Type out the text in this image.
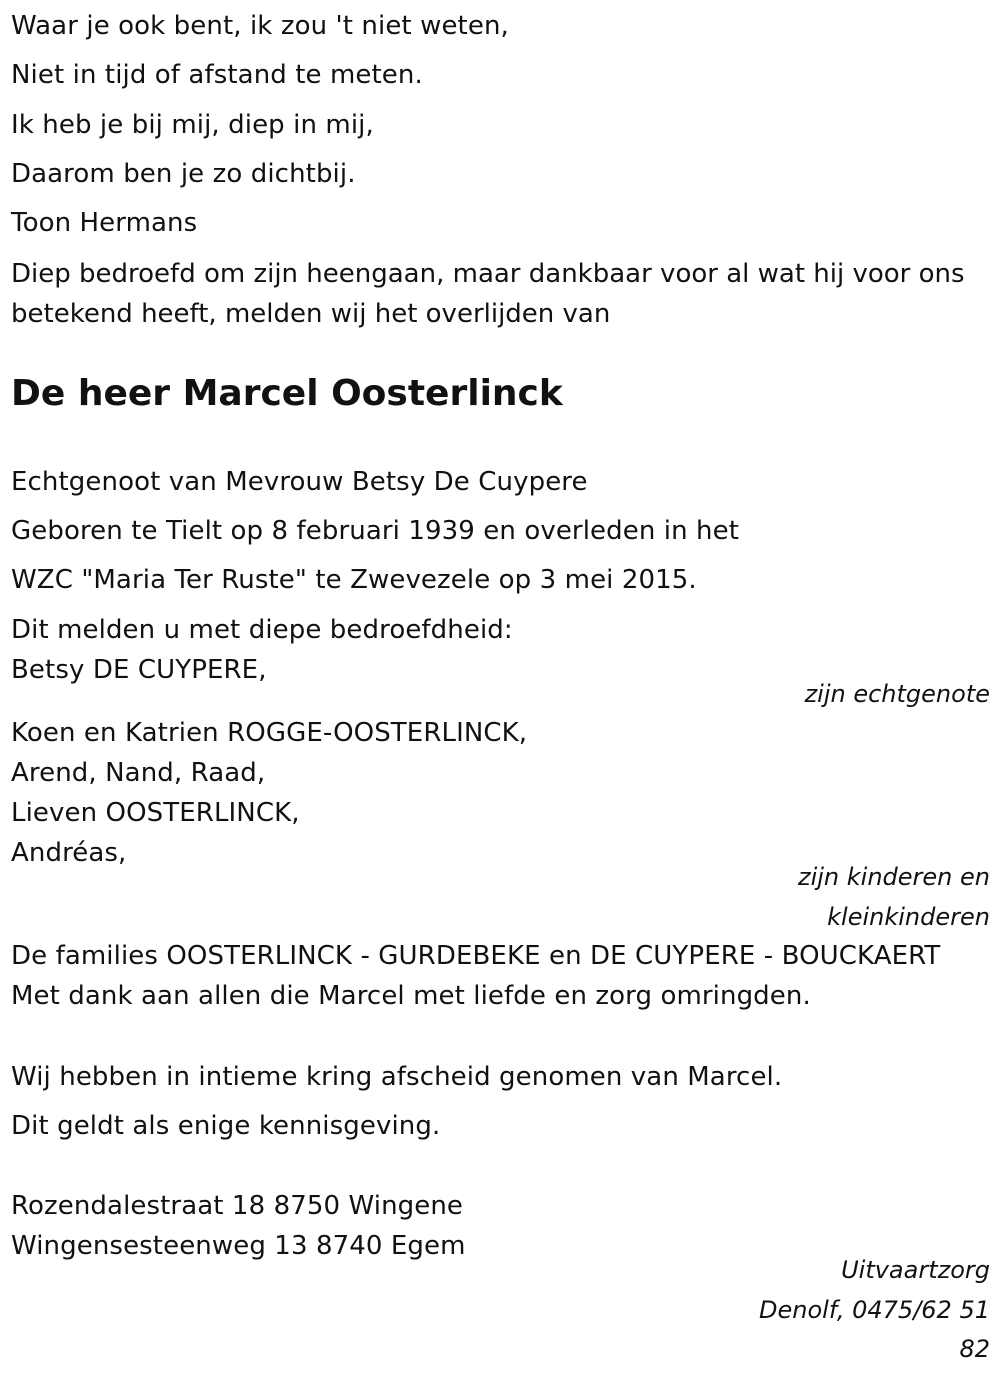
Waar je ook bent, ik zou 't niet weten,
Niet in tijd of afstand te meten.
Ik heb je bij mij, diep in mij,
Daarom ben je zo dichtbij.
Toon Hermans
Diep bedroefd om zijn heengaan, maar dankbaar voor al wat hij voor ons betekend heeft, melden wij het overlijden van
De heer Marcel Oosterlinck
Echtgenoot van Mevrouw Betsy De Cuypere
Geboren te Tielt op 8 februari 1939 en overleden in het
WZC "Maria Ter Ruste" te Zwevezele op 3 mei 2015.
Dit melden u met diepe bedroefdheid:
Betsy DE CUYPERE,
zijn echtgenote
Koen en Katrien ROGGE-OOSTERLINCK,
Arend, Nand, Raad,
Lieven OOSTERLINCK,
Andréas,
zijn kinderen en
kleinkinderen
De families OOSTERLINCK - GURDEBEKE en DE CUYPERE - BOUCKAERT
Met dank aan allen die Marcel met liefde en zorg omringden.
Wij hebben in intieme kring afscheid genomen van Marcel.
Dit geldt als enige kennisgeving.
Rozendalestraat 18 8750 Wingene
Wingensesteenweg 13 8740 Egem
Uitvaartzorg
Denolf, 0475/62 51
82
